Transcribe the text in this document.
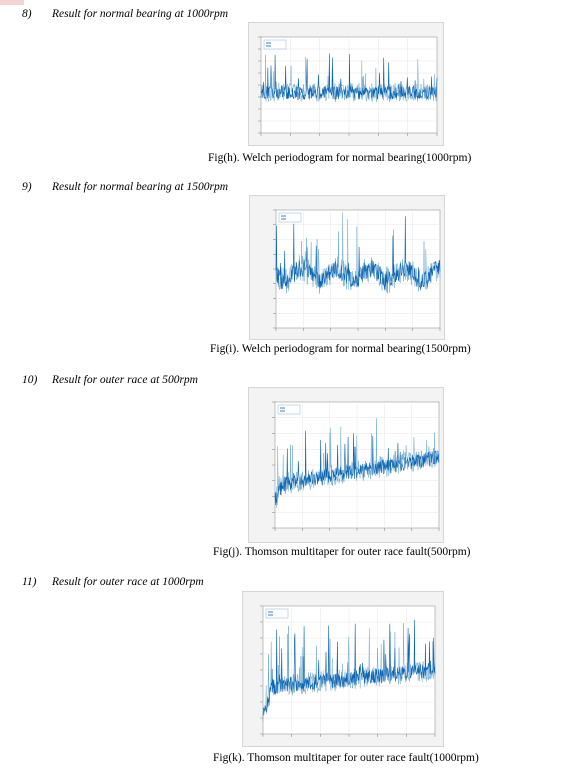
8) Result for normal bearing at 1000rpm
Fig(h). Welch periodogram for normal bearing(1000rpm)
9) Result for normal bearing at 1500rpm
Fig(i). Welch periodogram for normal bearing(1500rpm)
10) Result for outer race at 500rpm
Fig(j). Thomson multitaper for outer race fault(500rpm)
11) Result for outer race at 1000rpm
Fig(k). Thomson multitaper for outer race fault(1000rpm)
